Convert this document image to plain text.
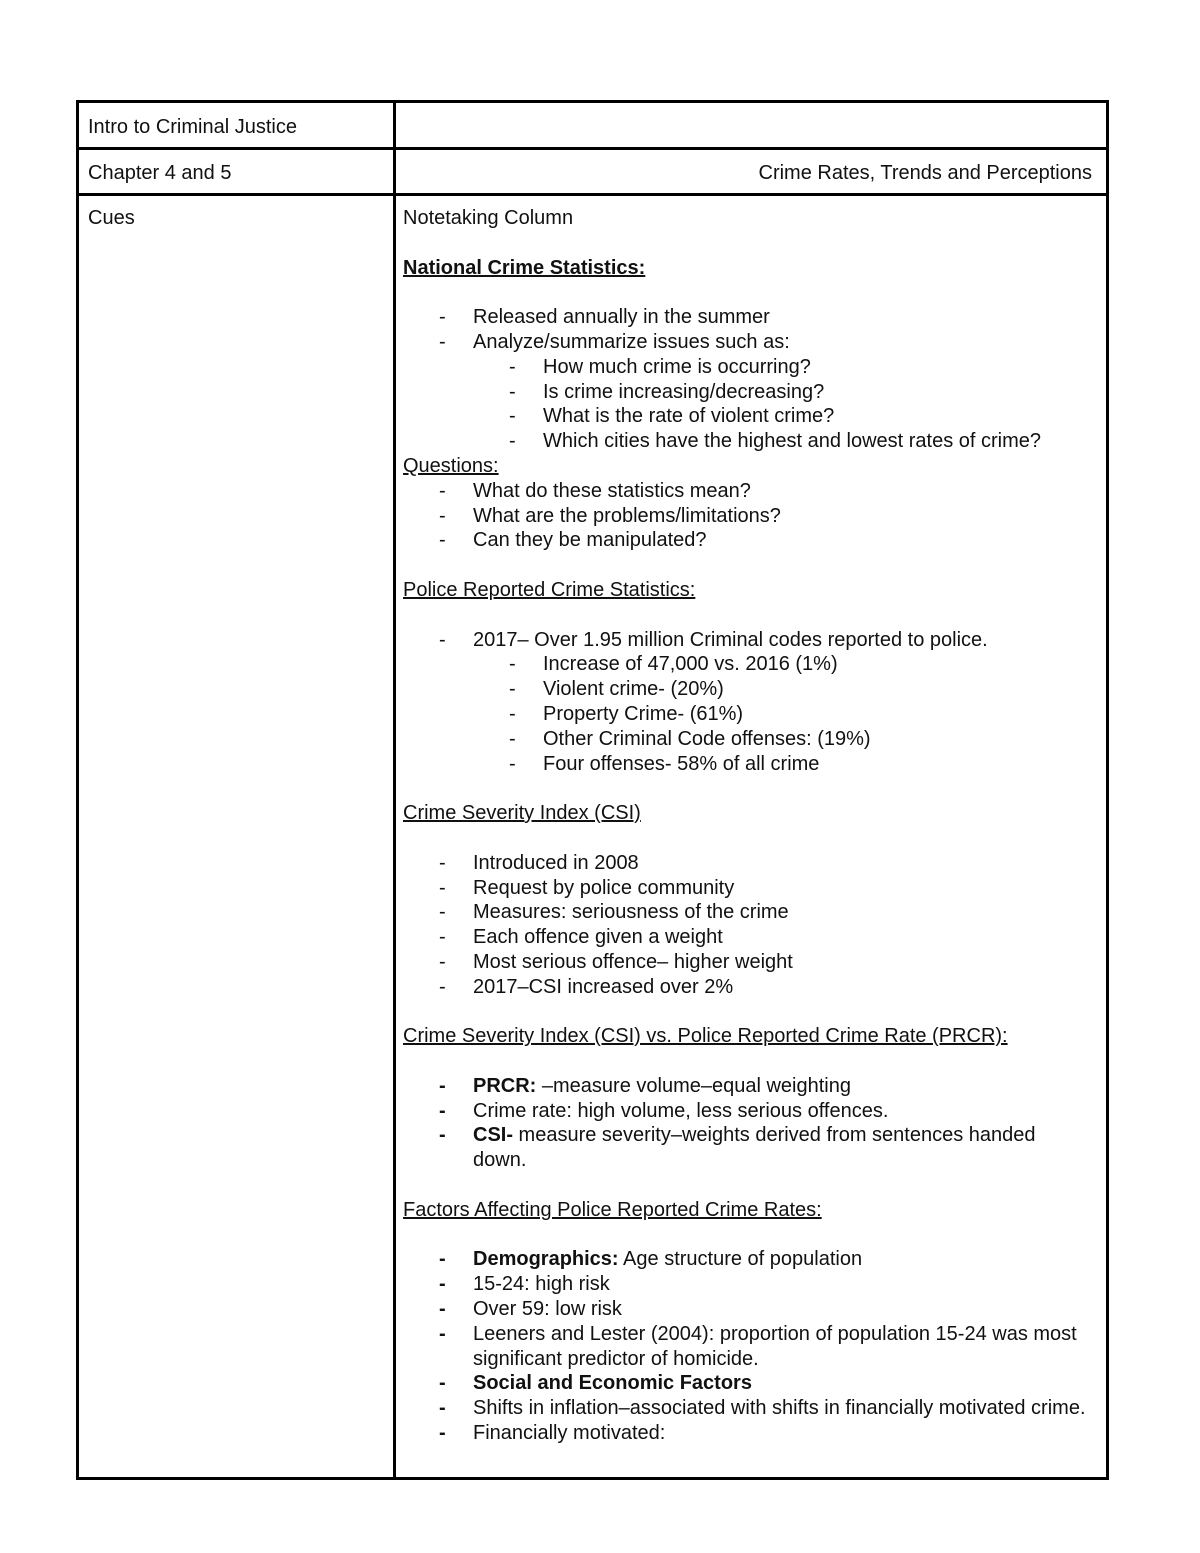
Intro to Criminal Justice
Chapter 4 and 5	Crime Rates, Trends and Perceptions
Cues	Notetaking Column
National Crime Statistics:
- Released annually in the summer
- Analyze/summarize issues such as:
- How much crime is occurring?
- Is crime increasing/decreasing?
- What is the rate of violent crime?
- Which cities have the highest and lowest rates of crime?
Questions:
- What do these statistics mean?
- What are the problems/limitations?
- Can they be manipulated?
Police Reported Crime Statistics:
- 2017– Over 1.95 million Criminal codes reported to police.
- Increase of 47,000 vs. 2016 (1%)
- Violent crime- (20%)
- Property Crime- (61%)
- Other Criminal Code offenses: (19%)
- Four offenses- 58% of all crime
Crime Severity Index (CSI)
- Introduced in 2008
- Request by police community
- Measures: seriousness of the crime
- Each offence given a weight
- Most serious offence– higher weight
- 2017–CSI increased over 2%
Crime Severity Index (CSI) vs. Police Reported Crime Rate (PRCR):
- PRCR: –measure volume–equal weighting
- Crime rate: high volume, less serious offences.
- CSI- measure severity–weights derived from sentences handed down.
Factors Affecting Police Reported Crime Rates:
- Demographics: Age structure of population
- 15-24: high risk
- Over 59: low risk
- Leeners and Lester (2004): proportion of population 15-24 was most significant predictor of homicide.
- Social and Economic Factors
- Shifts in inflation–associated with shifts in financially motivated crime.
- Financially motivated:
